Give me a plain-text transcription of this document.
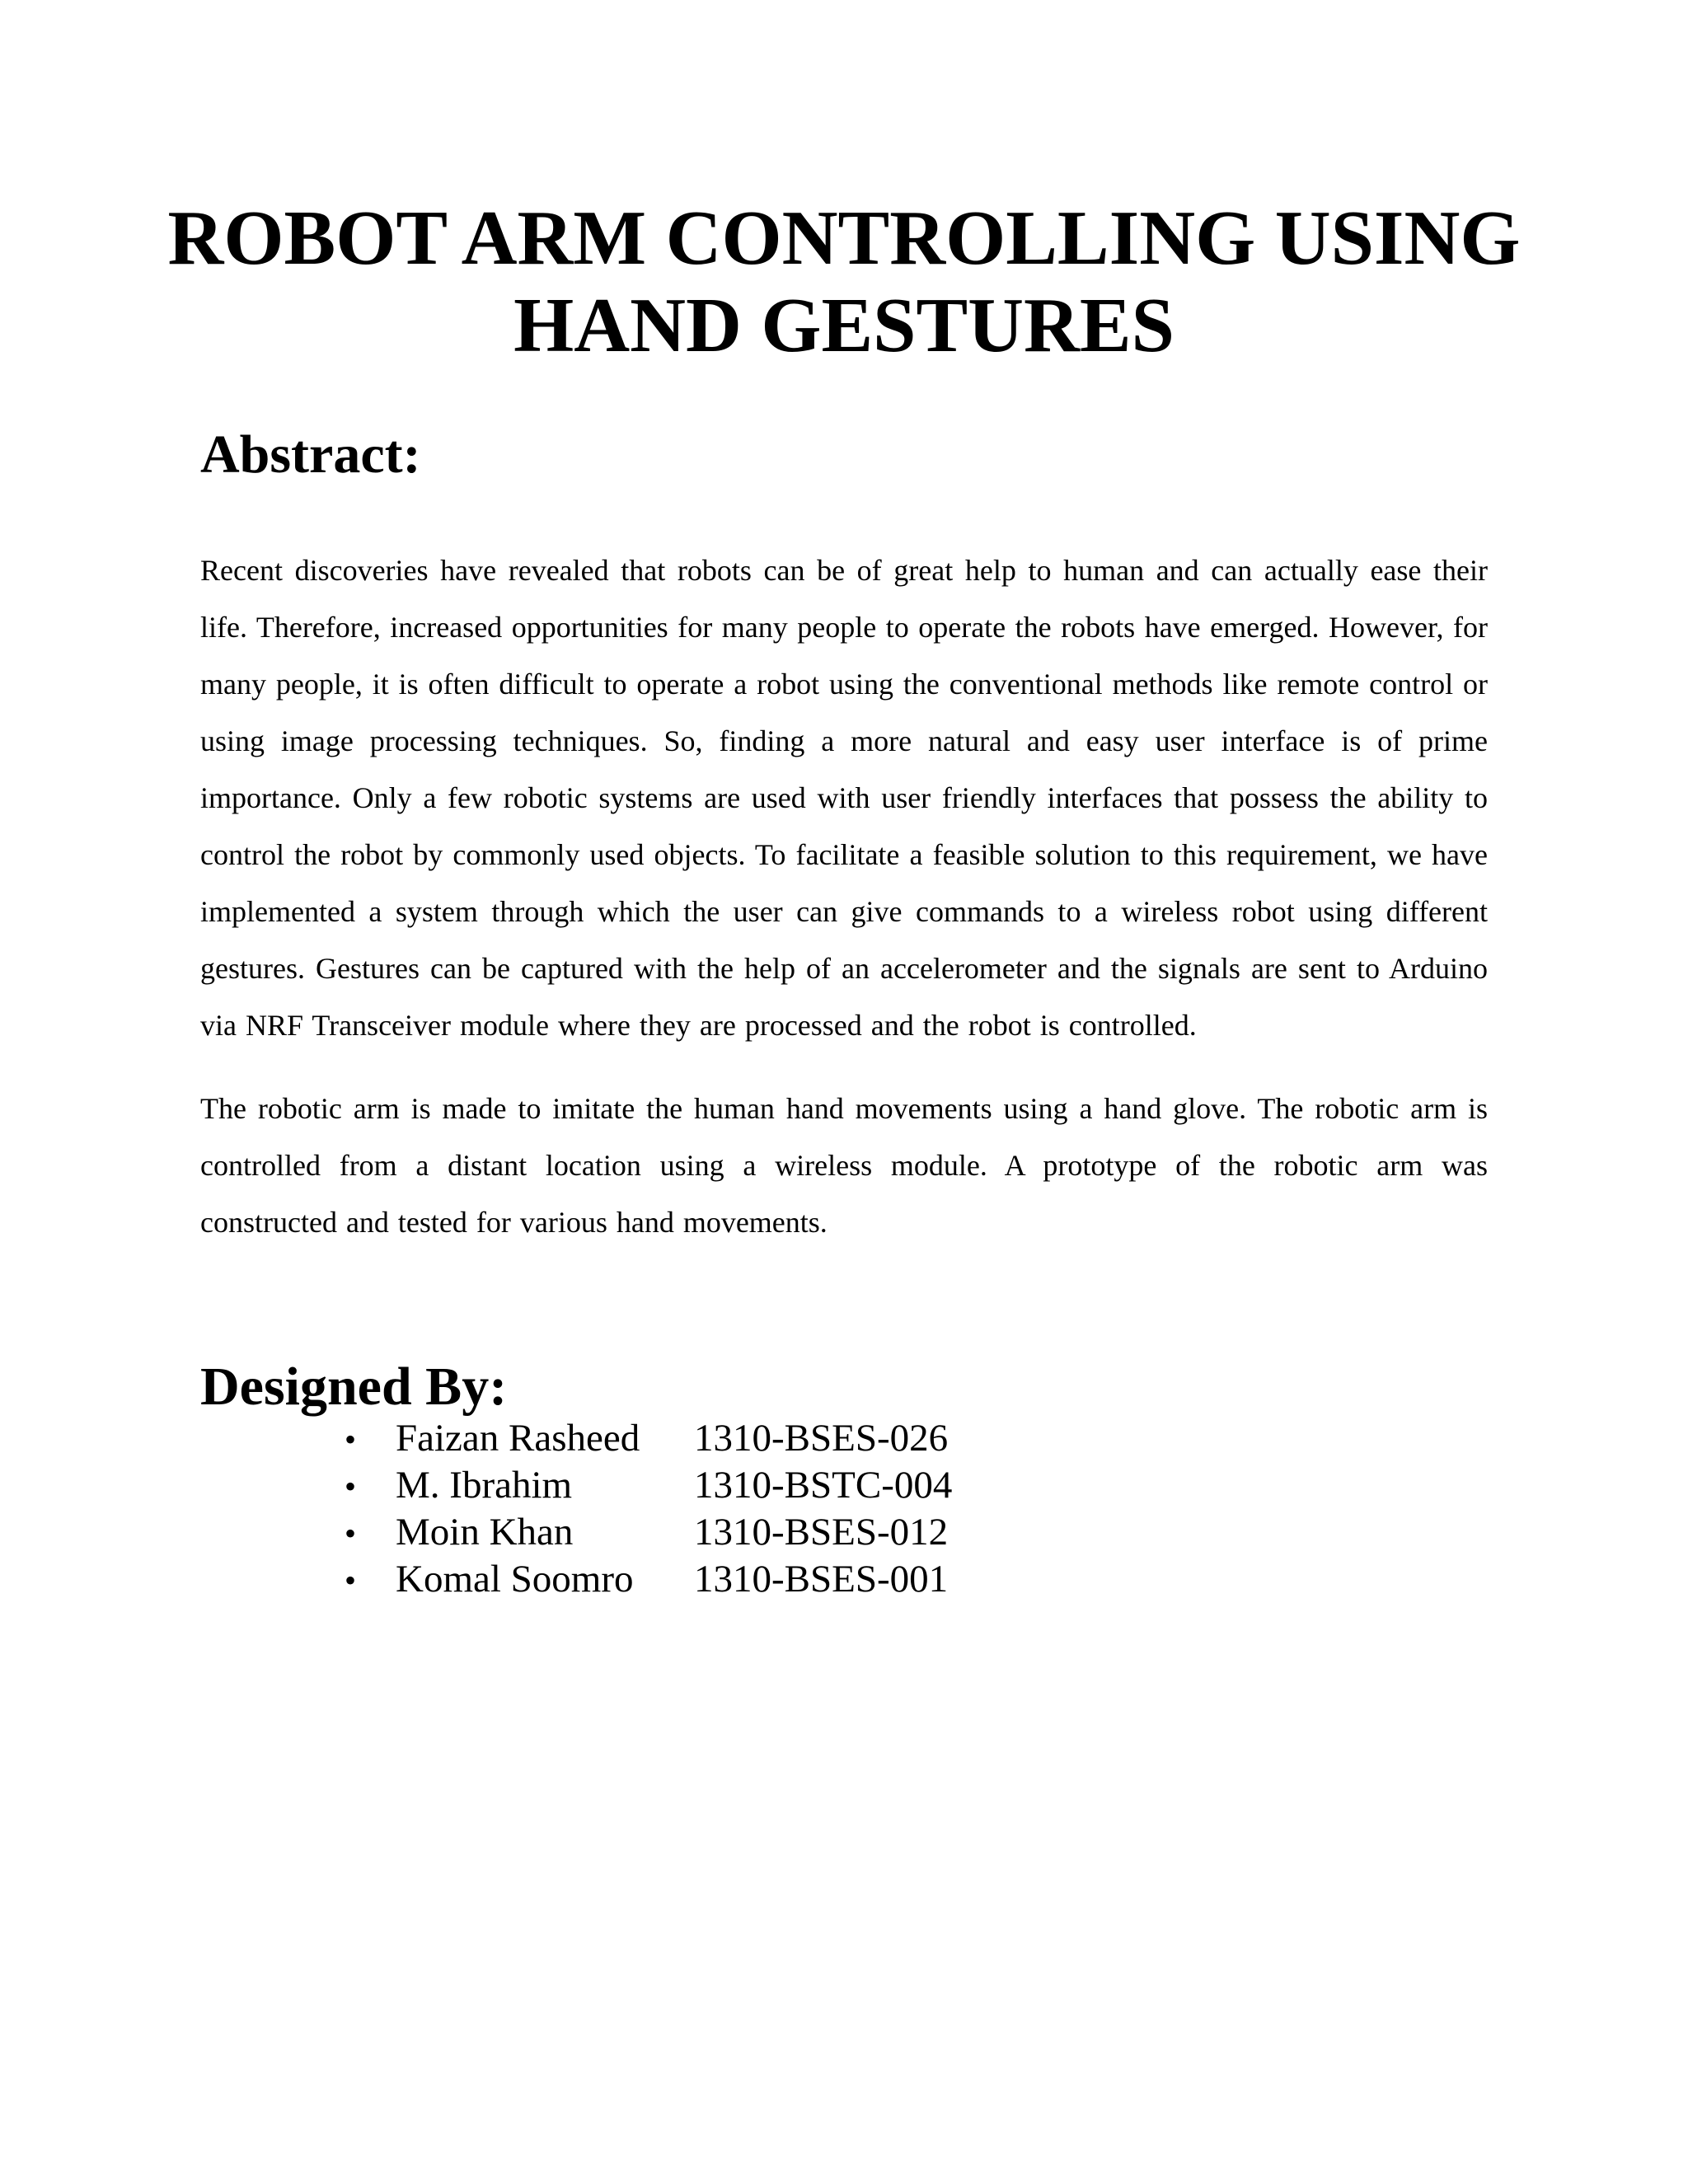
ROBOT ARM CONTROLLING USING
HAND GESTURES
Abstract:

Recent discoveries have revealed that robots can be of great help to human and can actually ease their life. Therefore, increased opportunities for many people to operate the robots have emerged. However, for many people, it is often difficult to operate a robot using the conventional methods like remote control or using image processing techniques. So, finding a more natural and easy user interface is of prime importance. Only a few robotic systems are used with user friendly interfaces that possess the ability to control the robot by commonly used objects. To facilitate a feasible solution to this requirement, we have implemented a system through which the user can give commands to a wireless robot using different gestures. Gestures can be captured with the help of an accelerometer and the signals are sent to Arduino via NRF Transceiver module where they are processed and the robot is controlled.

The robotic arm is made to imitate the human hand movements using a hand glove. The robotic arm is controlled from a distant location using a wireless module. A prototype of the robotic arm was constructed and tested for various hand movements.

Designed By:
•	Faizan Rasheed	1310-BSES-026
•	M. Ibrahim	1310-BSTC-004
•	Moin Khan	1310-BSES-012
•	Komal Soomro	1310-BSES-001
